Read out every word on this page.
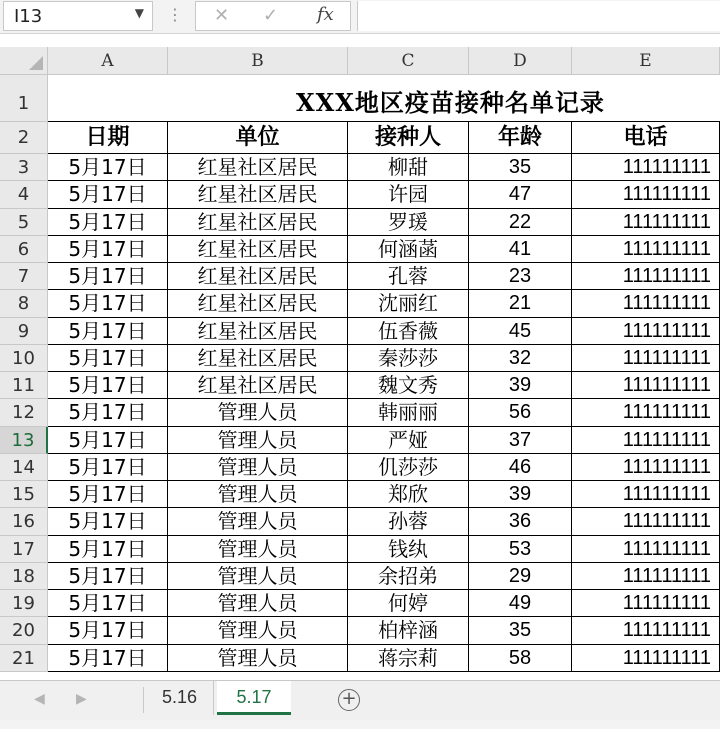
I13	▼ ⋮ ✕ ✓ fx
A	B	C	D	E
1
2
3
4
5
6
7
8
9
10
11
12
13
14
15
16
17
18
19
20
21
XXX地区疫苗接种名单记录
日期	单位	接种人	年龄	电话
5月17日	红星社区居民	柳甜	35	111111111
5月17日	红星社区居民	许园	47	111111111
5月17日	红星社区居民	罗瑗	22	111111111
5月17日	红星社区居民	何涵菡	41	111111111
5月17日	红星社区居民	孔蓉	23	111111111
5月17日	红星社区居民	沈丽红	21	111111111
5月17日	红星社区居民	伍香薇	45	111111111
5月17日	红星社区居民	秦莎莎	32	111111111
5月17日	红星社区居民	魏文秀	39	111111111
5月17日	管理人员	韩丽丽	56	111111111
5月17日	管理人员	严娅	37	111111111
5月17日	管理人员	仉莎莎	46	111111111
5月17日	管理人员	郑欣	39	111111111
5月17日	管理人员	孙蓉	36	111111111
5月17日	管理人员	钱纨	53	111111111
5月17日	管理人员	余招弟	29	111111111
5月17日	管理人员	何婷	49	111111111
5月17日	管理人员	柏梓涵	35	111111111
5月17日	管理人员	蒋宗莉	58	111111111
◀ ▶	5.16	5.17	+
